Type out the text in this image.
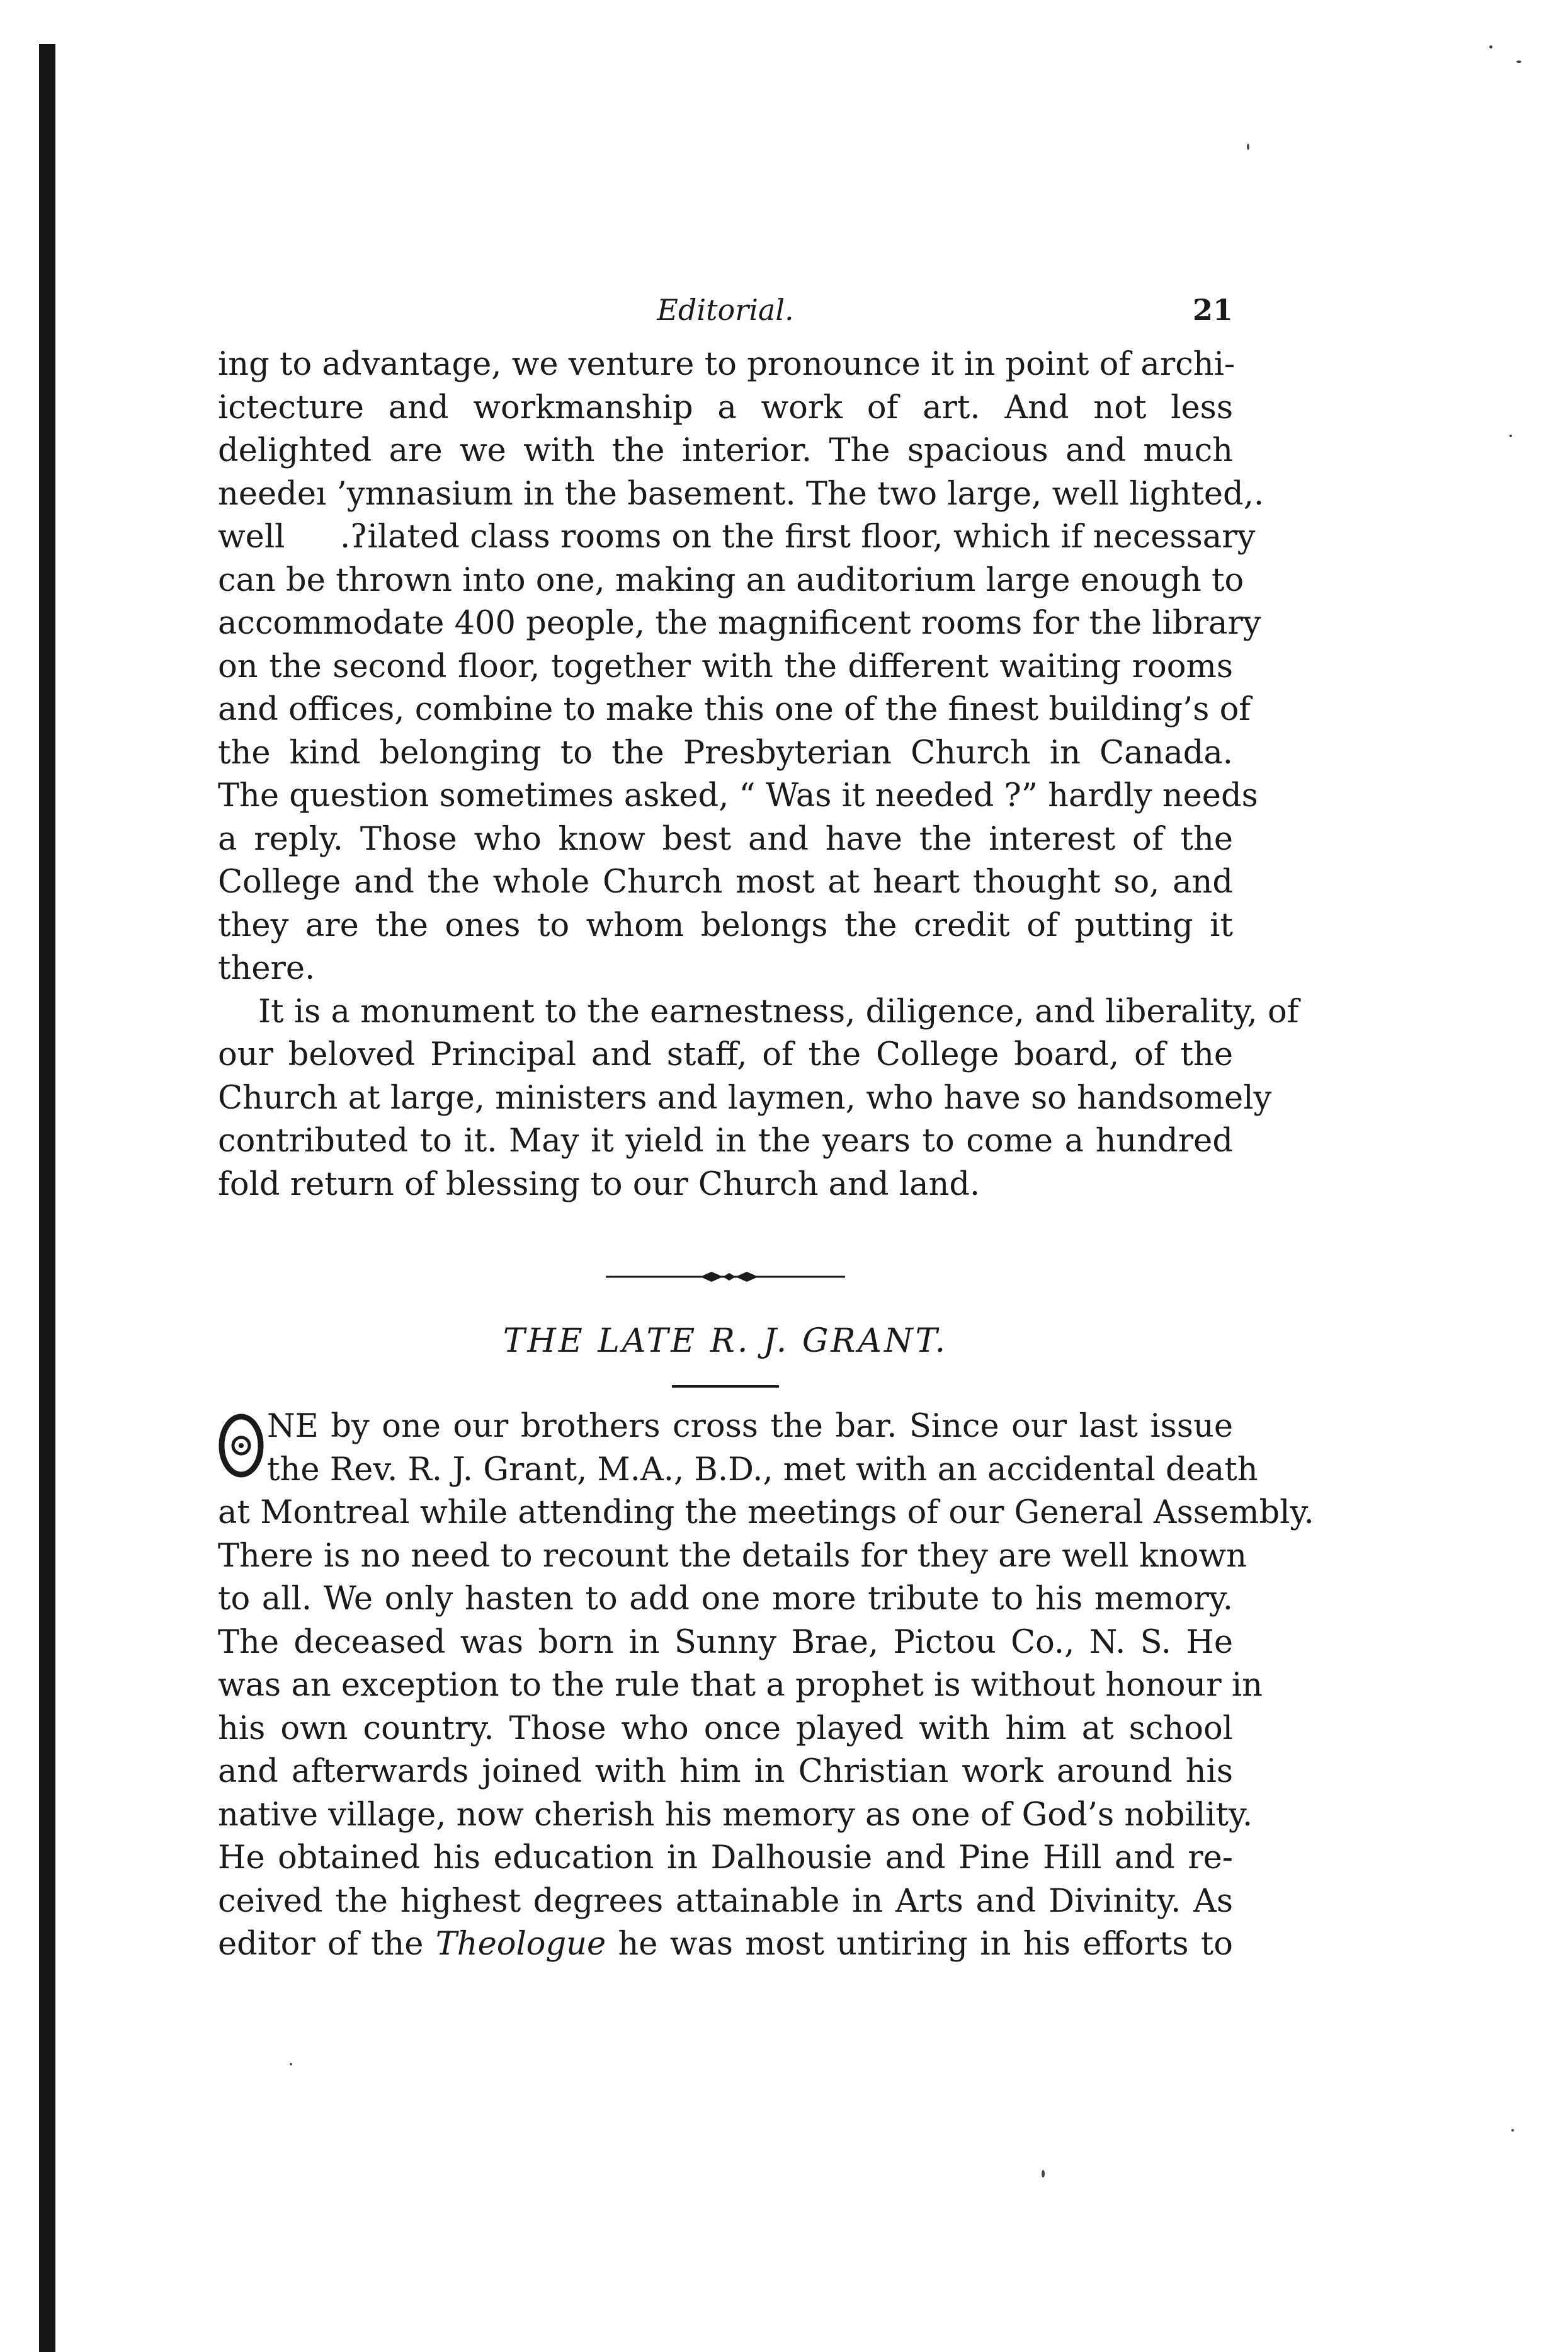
Editorial.	21

ing to advantage, we venture to pronounce it in point of archi-
ictecture and workmanship a work of art. And not less
delighted are we with the interior. The spacious and much
needeı ’ymnasium in the basement. The two large, well lighted,.
well        .ʔilated class rooms on the first floor, which if necessary
can be thrown into one, making an auditorium large enough to
accommodate 400 people, the magnificent rooms for the library
on the second floor, together with the different waiting rooms
and offices, combine to make this one of the finest building’s of
the kind belonging to the Presbyterian Church in Canada.
The question sometimes asked, “ Was it needed ?” hardly needs
a reply. Those who know best and have the interest of the
College and the whole Church most at heart thought so, and
they are the ones to whom belongs the credit of putting it
there.

It is a monument to the earnestness, diligence, and liberality, of
our beloved Principal and staff, of the College board, of the
Church at large, ministers and laymen, who have so handsomely
contributed to it. May it yield in the years to come a hundred
fold return of blessing to our Church and land.

THE LATE R. J. GRANT.

NE by one our brothers cross the bar. Since our last issue
the Rev. R. J. Grant, M.A., B.D., met with an accidental death
at Montreal while attending the meetings of our General Assembly.
There is no need to recount the details for they are well known
to all. We only hasten to add one more tribute to his memory.
The deceased was born in Sunny Brae, Pictou Co., N. S. He
was an exception to the rule that a prophet is without honour in
his own country. Those who once played with him at school
and afterwards joined with him in Christian work around his
native village, now cherish his memory as one of God’s nobility.
He obtained his education in Dalhousie and Pine Hill and re-
ceived the highest degrees attainable in Arts and Divinity. As
editor of the Theologue he was most untiring in his efforts to
